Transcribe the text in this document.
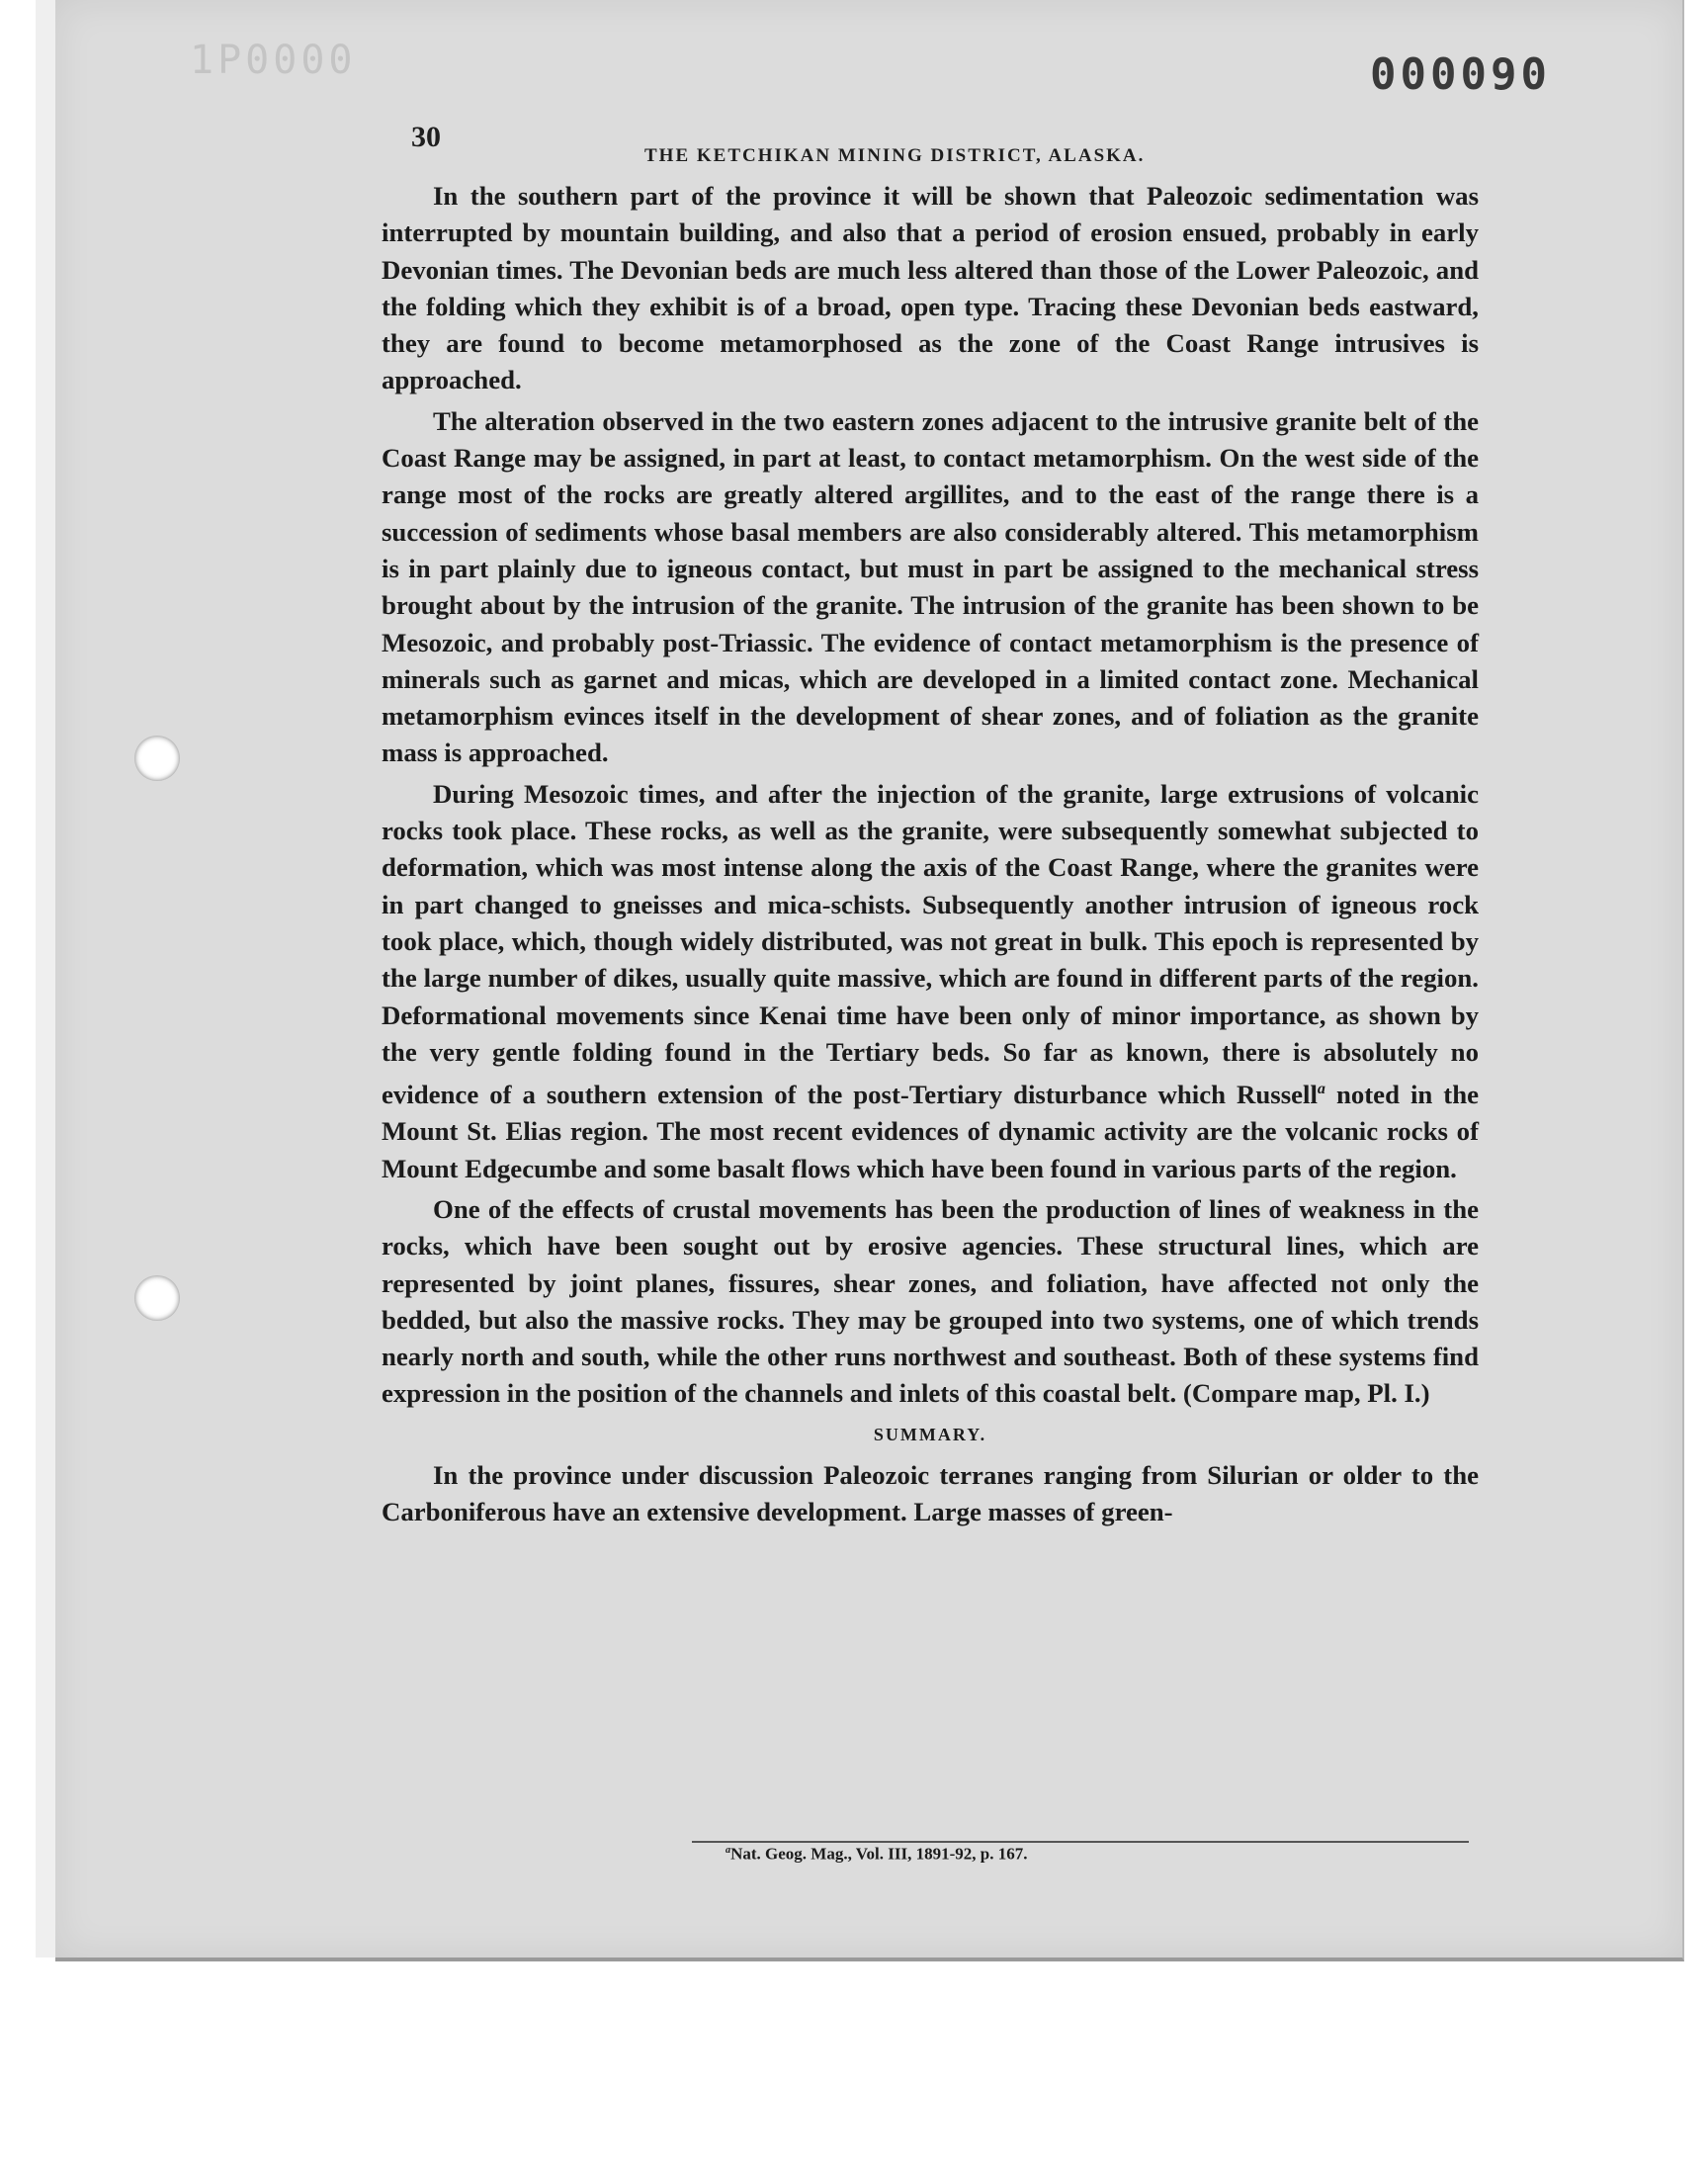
1P0000	000090
30
THE KETCHIKAN MINING DISTRICT, ALASKA.

In the southern part of the province it will be shown that Paleozoic sedimentation was interrupted by mountain building, and also that a period of erosion ensued, probably in early Devonian times. The Devonian beds are much less altered than those of the Lower Paleozoic, and the folding which they exhibit is of a broad, open type. Tracing these Devonian beds eastward, they are found to become metamorphosed as the zone of the Coast Range intrusives is approached.

The alteration observed in the two eastern zones adjacent to the intrusive granite belt of the Coast Range may be assigned, in part at least, to contact metamorphism. On the west side of the range most of the rocks are greatly altered argillites, and to the east of the range there is a succession of sediments whose basal members are also considerably altered. This metamorphism is in part plainly due to igneous contact, but must in part be assigned to the mechanical stress brought about by the intrusion of the granite. The intrusion of the granite has been shown to be Mesozoic, and probably post-Triassic. The evidence of contact metamorphism is the presence of minerals such as garnet and micas, which are developed in a limited contact zone. Mechanical metamorphism evinces itself in the development of shear zones, and of foliation as the granite mass is approached.

During Mesozoic times, and after the injection of the granite, large extrusions of volcanic rocks took place. These rocks, as well as the granite, were subsequently somewhat subjected to deformation, which was most intense along the axis of the Coast Range, where the granites were in part changed to gneisses and mica-schists. Subsequently another intrusion of igneous rock took place, which, though widely distributed, was not great in bulk. This epoch is represented by the large number of dikes, usually quite massive, which are found in different parts of the region. Deformational movements since Kenai time have been only of minor importance, as shown by the very gentle folding found in the Tertiary beds. So far as known, there is absolutely no evidence of a southern extension of the post-Tertiary disturbance which Russell$^a$ noted in the Mount St. Elias region. The most recent evidences of dynamic activity are the volcanic rocks of Mount Edgecumbe and some basalt flows which have been found in various parts of the region.

One of the effects of crustal movements has been the production of lines of weakness in the rocks, which have been sought out by erosive agencies. These structural lines, which are represented by joint planes, fissures, shear zones, and foliation, have affected not only the bedded, but also the massive rocks. They may be grouped into two systems, one of which trends nearly north and south, while the other runs northwest and southeast. Both of these systems find expression in the position of the channels and inlets of this coastal belt. (Compare map, Pl. I.)

SUMMARY.

In the province under discussion Paleozoic terranes ranging from Silurian or older to the Carboniferous have an extensive development. Large masses of green-

$^a$Nat. Geog. Mag., Vol. III, 1891-92, p. 167.
